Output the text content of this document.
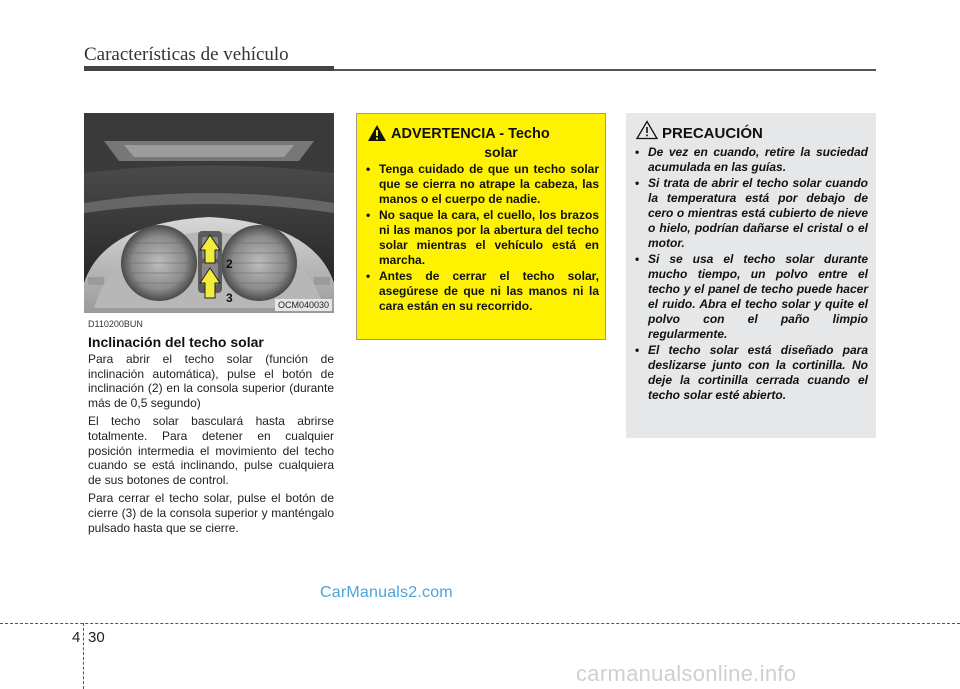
Características de vehículo
2
3	OCM040030
D110200BUN
Inclinación del techo solar

Para abrir el techo solar (función de inclinación automática), pulse el botón de inclinación (2) en la consola superior (durante más de 0,5 segundo)

El techo solar basculará hasta abrirse totalmente. Para detener en cualquier posición intermedia el movimiento del techo cuando se está inclinando, pulse cualquiera de sus botones de control.

Para cerrar el techo solar, pulse el botón de cierre (3) de la consola superior y manténgalo pulsado hasta que se cierre.

ADVERTENCIA - Techo
solar
• Tenga cuidado de que un techo solar que se cierra no atrape la cabeza, las manos o el cuerpo de nadie.
• No saque la cara, el cuello, los brazos ni las manos por la abertura del techo solar mientras el vehículo está en marcha.
• Antes de cerrar el techo solar, asegúrese de que ni las manos ni la cara están en su recorrido.
PRECAUCIÓN
• De vez en cuando, retire la suciedad acumulada en las guías.
• Si trata de abrir el techo solar cuando la temperatura está por debajo de cero o mientras está cubierto de nieve o hielo, podrían dañarse el cristal o el motor.
• Si se usa el techo solar durante mucho tiempo, un polvo entre el techo y el panel de techo puede hacer el ruido. Abra el techo solar y quite el polvo con el paño limpio regularmente.
• El techo solar está diseñado para deslizarse junto con la cortinilla. No deje la cortinilla cerrada cuando el techo solar esté abierto.
CarManuals2.com
4 30
carmanualsonline.info
